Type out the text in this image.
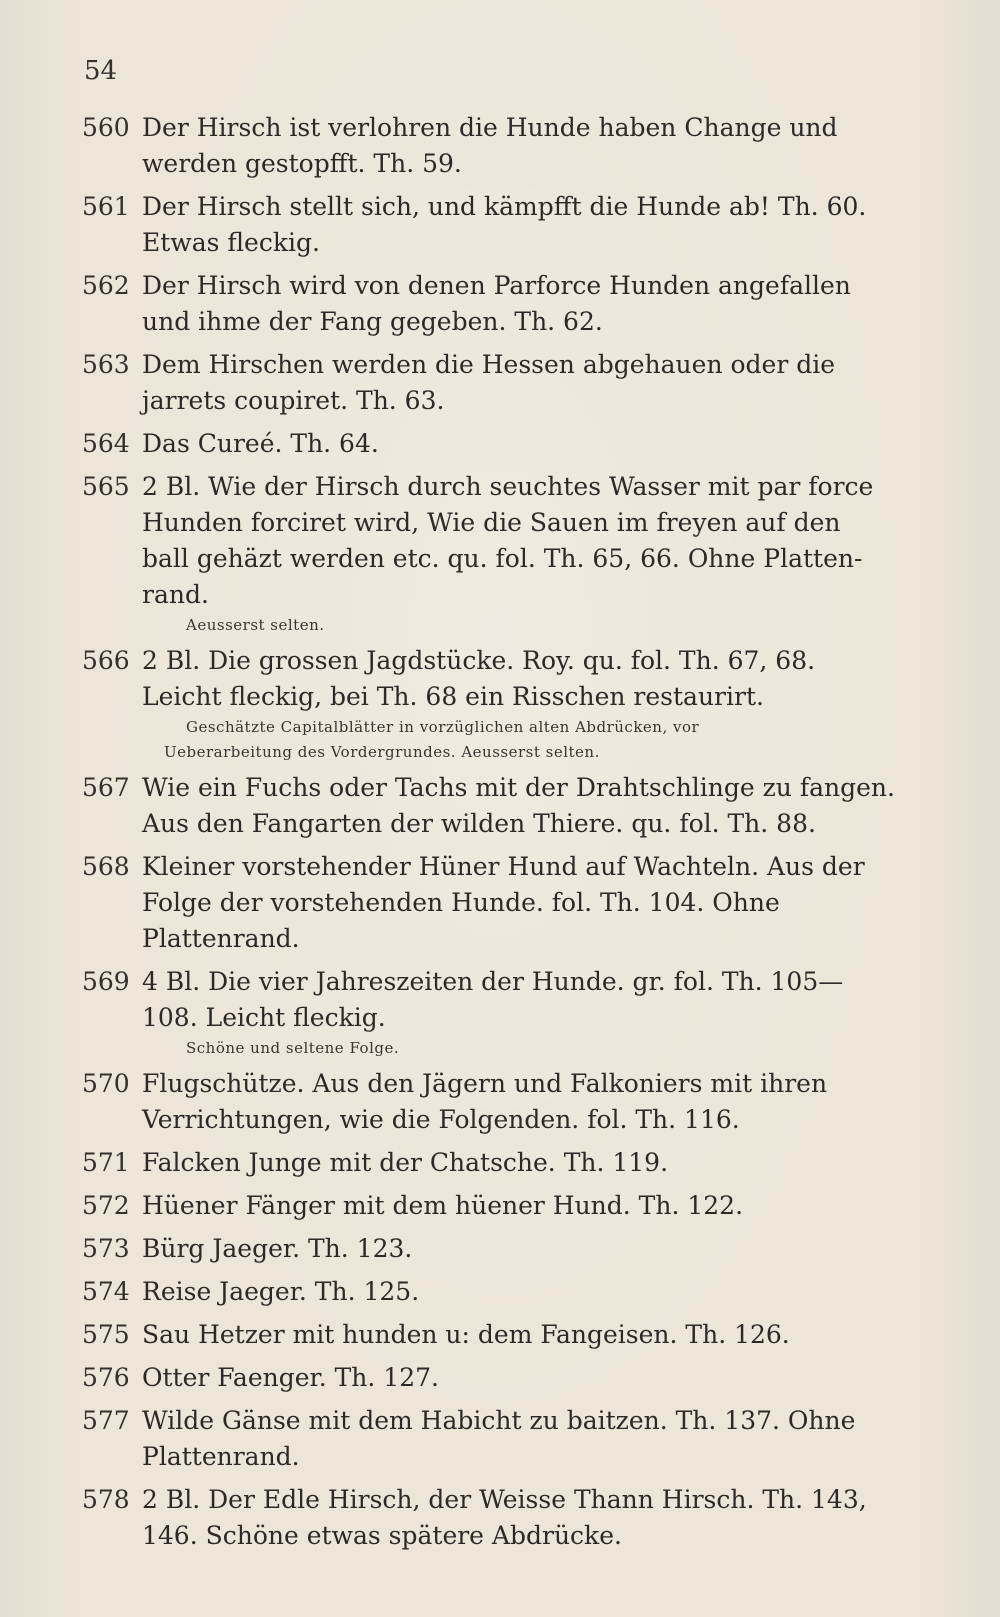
54
560 Der Hirsch ist verlohren die Hunde haben Change und
werden gestopfft. Th. 59.
561 Der Hirsch stellt sich, und kämpfft die Hunde ab! Th. 60.
Etwas fleckig.
562 Der Hirsch wird von denen Parforce Hunden angefallen
und ihme der Fang gegeben. Th. 62.
563 Dem Hirschen werden die Hessen abgehauen oder die
jarrets coupiret. Th. 63.
564 Das Cureé. Th. 64.
565 2 Bl. Wie der Hirsch durch seuchtes Wasser mit par force
Hunden forciret wird, Wie die Sauen im freyen auf den
ball gehäzt werden etc. qu. fol. Th. 65, 66. Ohne Platten-
rand.
Aeusserst selten.
566 2 Bl. Die grossen Jagdstücke. Roy. qu. fol. Th. 67, 68.
Leicht fleckig, bei Th. 68 ein Risschen restaurirt.
Geschätzte Capitalblätter in vorzüglichen alten Abdrücken, vor
Ueberarbeitung des Vordergrundes. Aeusserst selten.
567 Wie ein Fuchs oder Tachs mit der Drahtschlinge zu fangen.
Aus den Fangarten der wilden Thiere. qu. fol. Th. 88.
568 Kleiner vorstehender Hüner Hund auf Wachteln. Aus der
Folge der vorstehenden Hunde. fol. Th. 104. Ohne
Plattenrand.
569 4 Bl. Die vier Jahreszeiten der Hunde. gr. fol. Th. 105—
108. Leicht fleckig.
Schöne und seltene Folge.
570 Flugschütze. Aus den Jägern und Falkoniers mit ihren
Verrichtungen, wie die Folgenden. fol. Th. 116.
571 Falcken Junge mit der Chatsche. Th. 119.
572 Hüener Fänger mit dem hüener Hund. Th. 122.
573 Bürg Jaeger. Th. 123.
574 Reise Jaeger. Th. 125.
575 Sau Hetzer mit hunden u: dem Fangeisen. Th. 126.
576 Otter Faenger. Th. 127.
577 Wilde Gänse mit dem Habicht zu baitzen. Th. 137. Ohne
Plattenrand.
578 2 Bl. Der Edle Hirsch, der Weisse Thann Hirsch. Th. 143,
146. Schöne etwas spätere Abdrücke.
